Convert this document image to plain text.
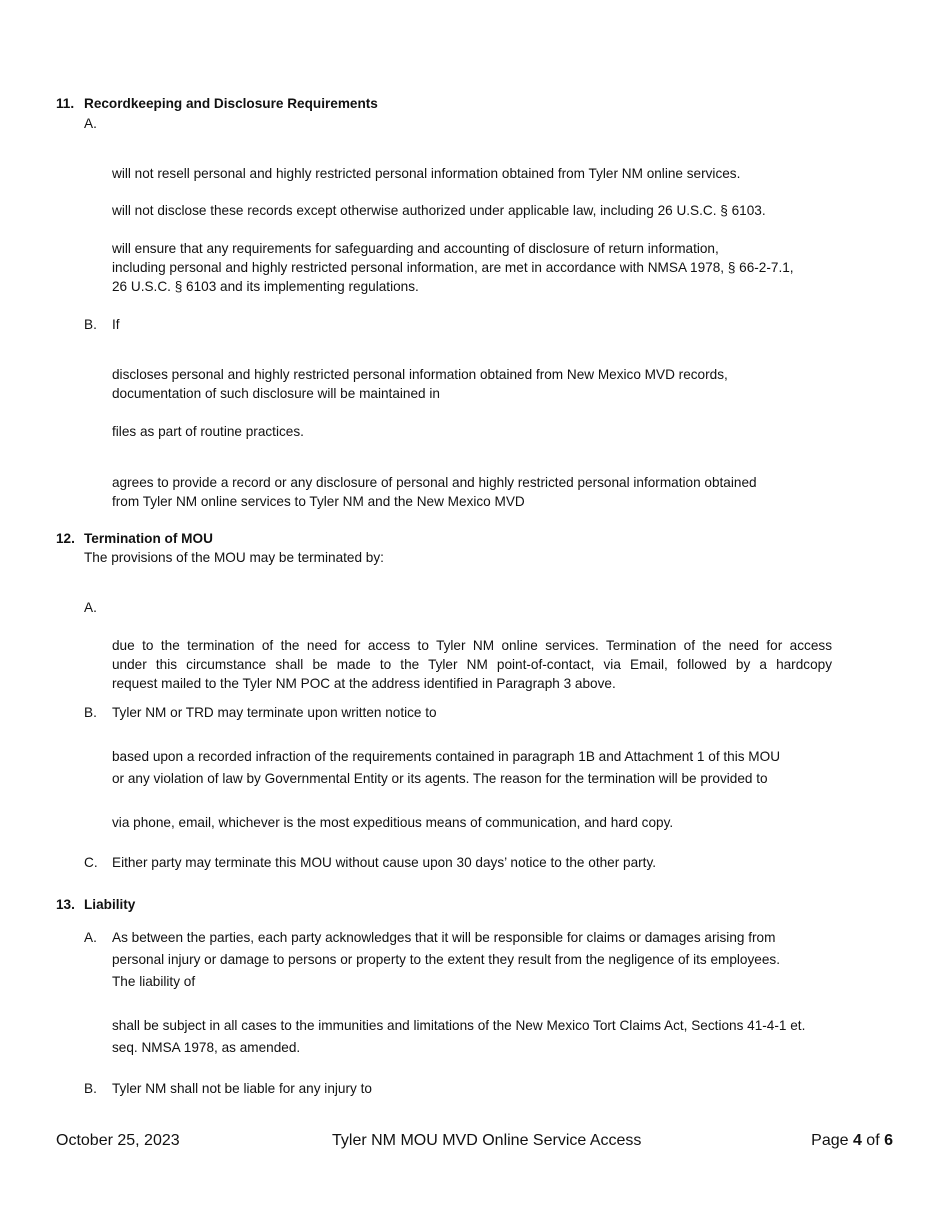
11. Recordkeeping and Disclosure Requirements
A.
will not resell personal and highly restricted personal information obtained from Tyler NM online services.
will not disclose these records except otherwise authorized under applicable law, including 26 U.S.C. § 6103.
will ensure that any requirements for safeguarding and accounting of disclosure of return information,
including personal and highly restricted personal information, are met in accordance with NMSA 1978, § 66-2-7.1,
26 U.S.C. § 6103 and its implementing regulations.
B. If
discloses personal and highly restricted personal information obtained from New Mexico MVD records,
documentation of such disclosure will be maintained in
files as part of routine practices.
agrees to provide a record or any disclosure of personal and highly restricted personal information obtained
from Tyler NM online services to Tyler NM and the New Mexico MVD
12. Termination of MOU
The provisions of the MOU may be terminated by:
A.
due to the termination of the need for access to Tyler NM online services. Termination of the need for access
under this circumstance shall be made to the Tyler NM point-of-contact, via Email, followed by a hardcopy
request mailed to the Tyler NM POC at the address identified in Paragraph 3 above.
B. Tyler NM or TRD may terminate upon written notice to
based upon a recorded infraction of the requirements contained in paragraph 1B and Attachment 1 of this MOU
or any violation of law by Governmental Entity or its agents. The reason for the termination will be provided to
via phone, email, whichever is the most expeditious means of communication, and hard copy.
C. Either party may terminate this MOU without cause upon 30 days’ notice to the other party.
13. Liability
A. As between the parties, each party acknowledges that it will be responsible for claims or damages arising from
personal injury or damage to persons or property to the extent they result from the negligence of its employees.
The liability of
shall be subject in all cases to the immunities and limitations of the New Mexico Tort Claims Act, Sections 41-4-1 et.
seq. NMSA 1978, as amended.
B. Tyler NM shall not be liable for any injury to
October 25, 2023	Tyler NM MOU MVD Online Service Access	Page 4 of 6
